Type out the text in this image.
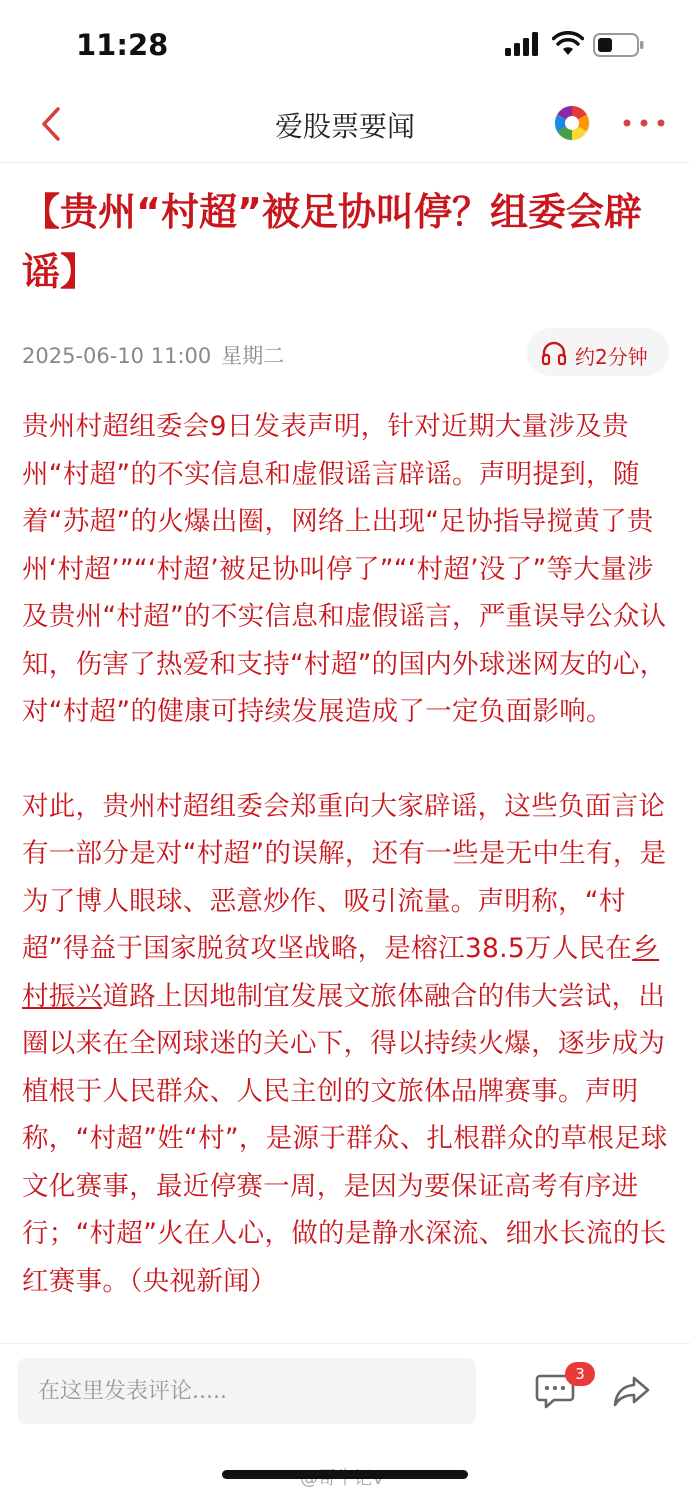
11:28
爱股票要闻
【贵州“村超”被足协叫停？组委会辟谣】
2025-06-10 11:00 星期二	约2分钟

贵州村超组委会9日发表声明，针对近期大量涉及贵州“村超”的不实信息和虚假谣言辟谣。声明提到，随着“苏超”的火爆出圈，网络上出现“足协指导搅黄了贵州‘村超’”“‘村超’被足协叫停了”“‘村超’没了”等大量涉及贵州“村超”的不实信息和虚假谣言，严重误导公众认知，伤害了热爱和支持“村超”的国内外球迷网友的心，对“村超”的健康可持续发展造成了一定负面影响。

对此，贵州村超组委会郑重向大家辟谣，这些负面言论有一部分是对“村超”的误解，还有一些是无中生有，是为了博人眼球、恶意炒作、吸引流量。声明称，“村超”得益于国家脱贫攻坚战略，是榕江38.5万人民在乡村振兴道路上因地制宜发展文旅体融合的伟大尝试，出圈以来在全网球迷的关心下，得以持续火爆，逐步成为植根于人民群众、人民主创的文旅体品牌赛事。声明称，“村超”姓“村”，是源于群众、扎根群众的草根足球文化赛事，最近停赛一周，是因为要保证高考有序进行；“村超”火在人心，做的是静水深流、细水长流的长红赛事。（央视新闻）

在这里发表评论.....
3
